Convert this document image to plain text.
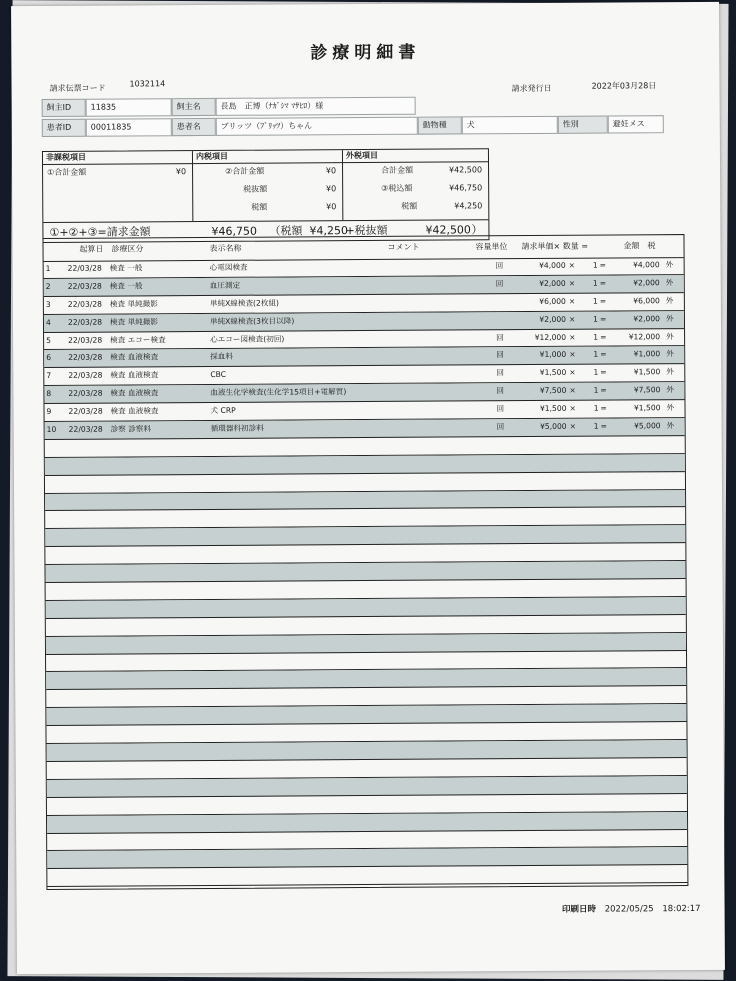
診療明細書
請求伝票コード	1032114
請求発行日	2022年03月28日
飼主ID	11835	飼主名	長島　正博（ﾅｶﾞｼﾏ ﾏｻﾋﾛ）様
患者ID	00011835	患者名	ブリッツ（ﾌﾞﾘｯﾂ）ちゃん	動物種	犬	性別	避妊メス
非課税項目
①合計金額	¥0
内税項目
②合計金額	¥0
税抜額	¥0
税額	¥0
外税項目
合計金額	¥42,500
③税込額	¥46,750
税額	¥4,250
①+②+③=請求金額	¥46,750 （税額 ¥4,250
+税抜額	¥42,500 ）
起算日 診療区分	表示名称	コメント	容量単位 請求単価× 数量 =	金額 税
1 22/03/28 検査 一般	心電図検査	回	¥4,000 ×	1 =	¥4,000 外
2 22/03/28 検査 一般	血圧測定	回	¥2,000 ×	1 =	¥2,000 外
3 22/03/28 検査 単純撮影	単純X線検査(2枚組)	¥6,000 ×	1 =	¥6,000 外
4 22/03/28 検査 単純撮影	単純X線検査(3枚目以降)	¥2,000 ×	1 =	¥2,000 外
5 22/03/28 検査 エコー検査	心エコー図検査(初回)	回	¥12,000 ×	1 =	¥12,000 外
6 22/03/28 検査 血液検査	採血料	回	¥1,000 ×	1 =	¥1,000 外
7 22/03/28 検査 血液検査	CBC	回	¥1,500 ×	1 =	¥1,500 外
8 22/03/28 検査 血液検査	血液生化学検査(生化学15項目+電解質)	回	¥7,500 ×	1 =	¥7,500 外
9 22/03/28 検査 血液検査	犬 CRP	回	¥1,500 ×	1 =	¥1,500 外
10 22/03/28 診察 診察料	循環器科初診料	回	¥5,000 ×	1 =	¥5,000 外
印刷日時 2022/05/25 18:02:17
